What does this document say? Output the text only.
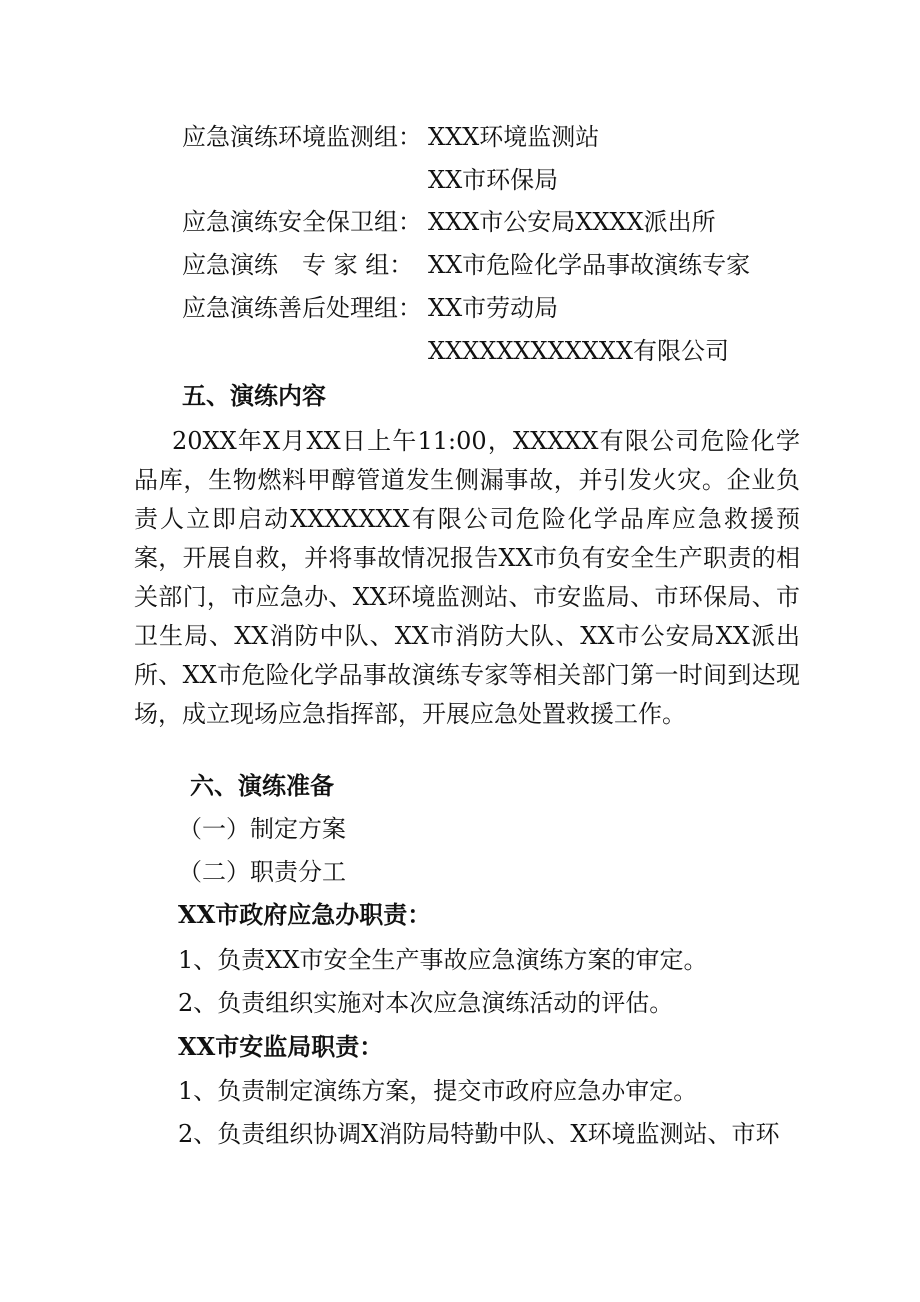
应急演练环境监测组： XXX环境监测站
XX市环保局
应急演练安全保卫组： XXX市公安局XXXX派出所
应急演练　专 家 组： XX市危险化学品事故演练专家
应急演练善后处理组： XX市劳动局
XXXXXXXXXXXX有限公司
五、演练内容
20XX年X月XX日上午11:00，XXXXX有限公司危险化学品库，生物燃料甲醇管道发生侧漏事故，并引发火灾。企业负责人立即启动XXXXXXX有限公司危险化学品库应急救援预案，开展自救，并将事故情况报告XX市负有安全生产职责的相关部门，市应急办、XX环境监测站、市安监局、市环保局、市卫生局、XX消防中队、XX市消防大队、XX市公安局XX派出所、XX市危险化学品事故演练专家等相关部门第一时间到达现场，成立现场应急指挥部，开展应急处置救援工作。
六、演练准备
（一）制定方案
（二）职责分工
XX市政府应急办职责：
1、负责XX市安全生产事故应急演练方案的审定。
2、负责组织实施对本次应急演练活动的评估。
XX市安监局职责：
1、负责制定演练方案，提交市政府应急办审定。
2、负责组织协调X消防局特勤中队、X环境监测站、市环
